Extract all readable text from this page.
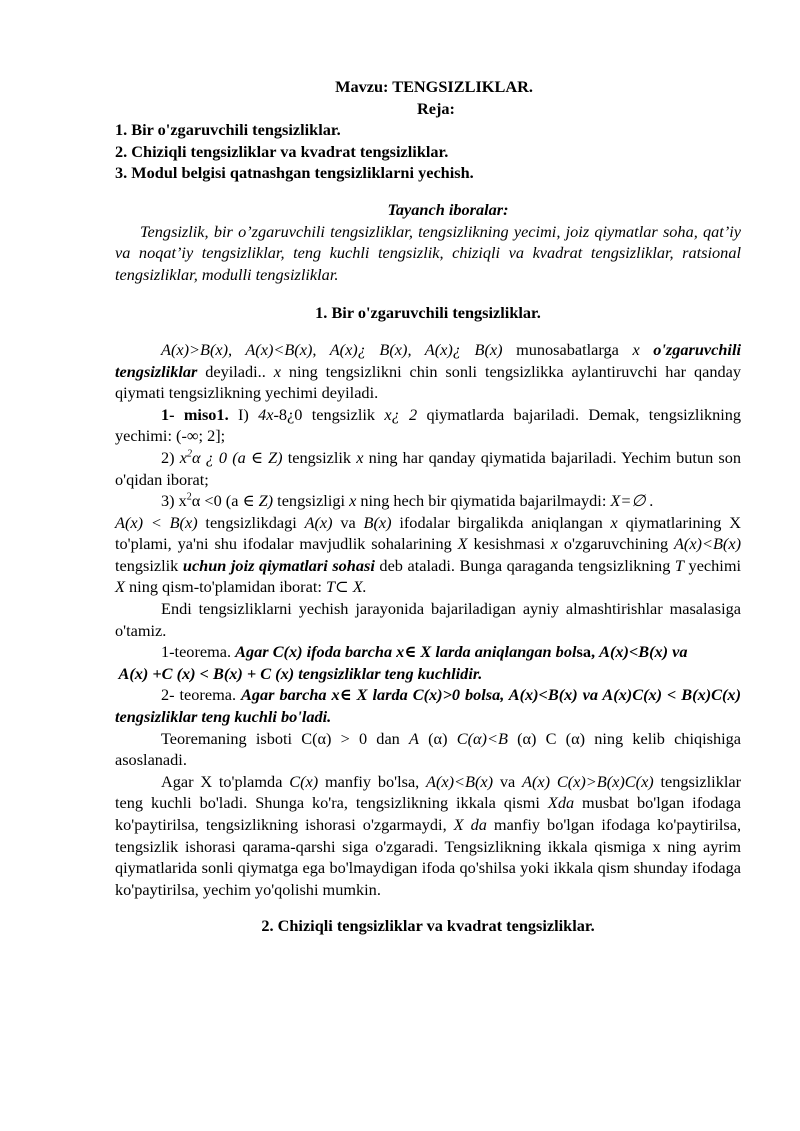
Mavzu: TENGSIZLIKLAR.
Reja:
1. Bir o'zgaruvchili tengsizliklar.
2. Chiziqli tengsizliklar va kvadrat tengsizliklar.
3. Modul belgisi qatnashgan tengsizliklarni yechish.
Tayanch iboralar:

Tengsizlik, bir o’zgaruvchili tengsizliklar, tengsizlikning yecimi, joiz qiymatlar soha, qat’iy va noqat’iy tengsizliklar, teng kuchli tengsizlik, chiziqli va kvadrat tengsizliklar, ratsional tengsizliklar, modulli tengsizliklar.

1. Bir o'zgaruvchili tengsizliklar.

A(x)>B(x), A(x)<B(x), A(x)¿ B(x), A(x)¿ B(x) munosabatlarga x o'zgaruvchili tengsizliklar deyiladi.. x ning tengsizlikni chin sonli tengsizlikka aylantiruvchi har qanday qiymati tengsizlikning yechimi deyiladi.

1- miso1. I) 4x-8¿0 tengsizlik x¿ 2 qiymatlarda bajariladi. Demak, tengsizlikning yechimi: (-∞; 2];

2) $x^2\alpha$ ¿ 0 (a ∈ Z) tengsizlik x ning har qanday qiymatida bajariladi. Yechim butun son o'qidan iborat;

3) $x^2\alpha <0$ (a ∈ Z) tengsizligi x ning hech bir qiymatida bajarilmaydi: X=∅ .

A(x) < B(x) tengsizlikdagi A(x) va B(x) ifodalar birgalikda aniqlangan x qiymatlarining X to'plami, ya'ni shu ifodalar mavjudlik sohalarining X kesishmasi x o'zgaruvchining A(x)<B(x) tengsizlik uchun joiz qiymatlari sohasi deb ataladi. Bunga qaraganda tengsizlikning T yechimi X ning qism-to'plamidan iborat: T⊂ X.

Endi tengsizliklarni yechish jarayonida bajariladigan ayniy almashtirishlar masalasiga o'tamiz.

1-teorema. Agar C(x) ifoda barcha x∈ X larda aniqlangan bolsa, A(x)<B(x) va

A(x) +C (x) < B(x) + C (x) tengsizliklar teng kuchlidir.

2- teorema. Agar barcha x∈ X larda C(x)>0 bolsa, A(x)<B(x) va A(x)C(x) < B(x)C(x) tengsizliklar teng kuchli bo'ladi.

Teoremaning isboti C(α) > 0 dan A (α) C(α)<B (α) C (α) ning kelib chiqishiga asoslanadi.

Agar X to'plamda C(x) manfiy bo'lsa, A(x)<B(x) va A(x) C(x)>B(x)C(x) tengsizliklar teng kuchli bo'ladi. Shunga ko'ra, tengsizlikning ikkala qismi Xda musbat bo'lgan ifodaga ko'paytirilsa, tengsizlikning ishorasi o'zgarmaydi, X da manfiy bo'lgan ifodaga ko'paytirilsa, tengsizlik ishorasi qarama-qarshi siga o'zgaradi. Tengsizlikning ikkala qismiga x ning ayrim qiymatlarida sonli qiymatga ega bo'lmaydigan ifoda qo'shilsa yoki ikkala qism shunday ifodaga ko'paytirilsa, yechim yo'qolishi mumkin.

2. Chiziqli tengsizliklar va kvadrat tengsizliklar.
